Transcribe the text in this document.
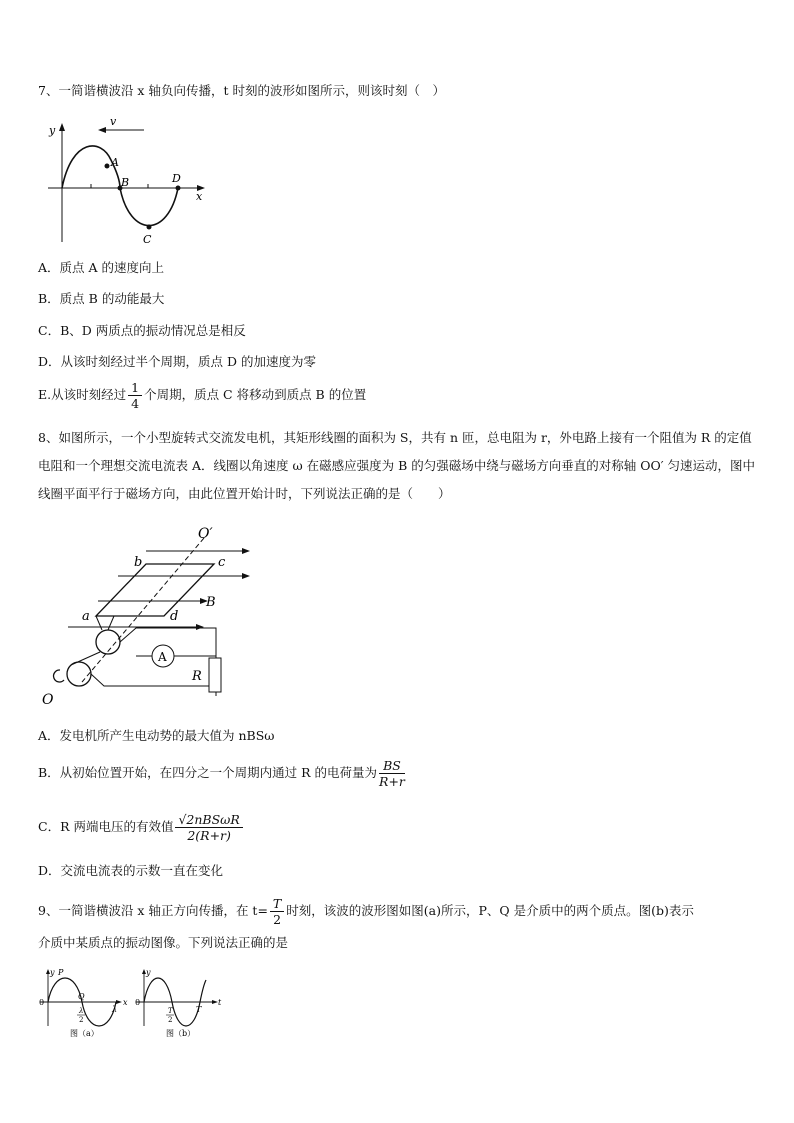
7、一简谐横波沿 x 轴负向传播，t 时刻的波形如图所示，则该时刻（　）
y
x
v
A
B
C
D
A．质点 A 的速度向上
B．质点 B 的动能最大
C．B、D 两质点的振动情况总是相反
D．从该时刻经过半个周期，质点 D 的加速度为零
E.从该时刻经过 $\frac{1}{4}$ 个周期，质点 C 将移动到质点 B 的位置
8、如图所示，一个小型旋转式交流发电机，其矩形线圈的面积为 S，共有 n 匝，总电阻为 r，外电路上接有一个阻值为 R 的定值电阻和一个理想交流电流表 A．线圈以角速度 ω 在磁感应强度为 B 的匀强磁场中绕与磁场方向垂直的对称轴 OO′ 匀速运动，图中线圈平面平行于磁场方向，由此位置开始计时，下列说法正确的是（　　）
O′
b	c
B
a	d
A
R
O
A．发电机所产生电动势的最大值为 nBSω
B．从初始位置开始，在四分之一个周期内通过 R 的电荷量为 $\frac{BS}{R+r}$
C．R 两端电压的有效值 $\frac{\text{√2nBSωR}}{2(R+r)}$
D．交流电流表的示数一直在变化
9、一简谐横波沿 x 轴正方向传播，在 $t= \frac{T}{2}$ 时刻，该波的波形图如图(a)所示，P、Q 是介质中的两个质点。图(b)表示
介质中某质点的振动图像。下列说法正确的是
y P
0
Q
λ
2
λ
x
图（a）
y
0
T
2
T
t
图（b）
